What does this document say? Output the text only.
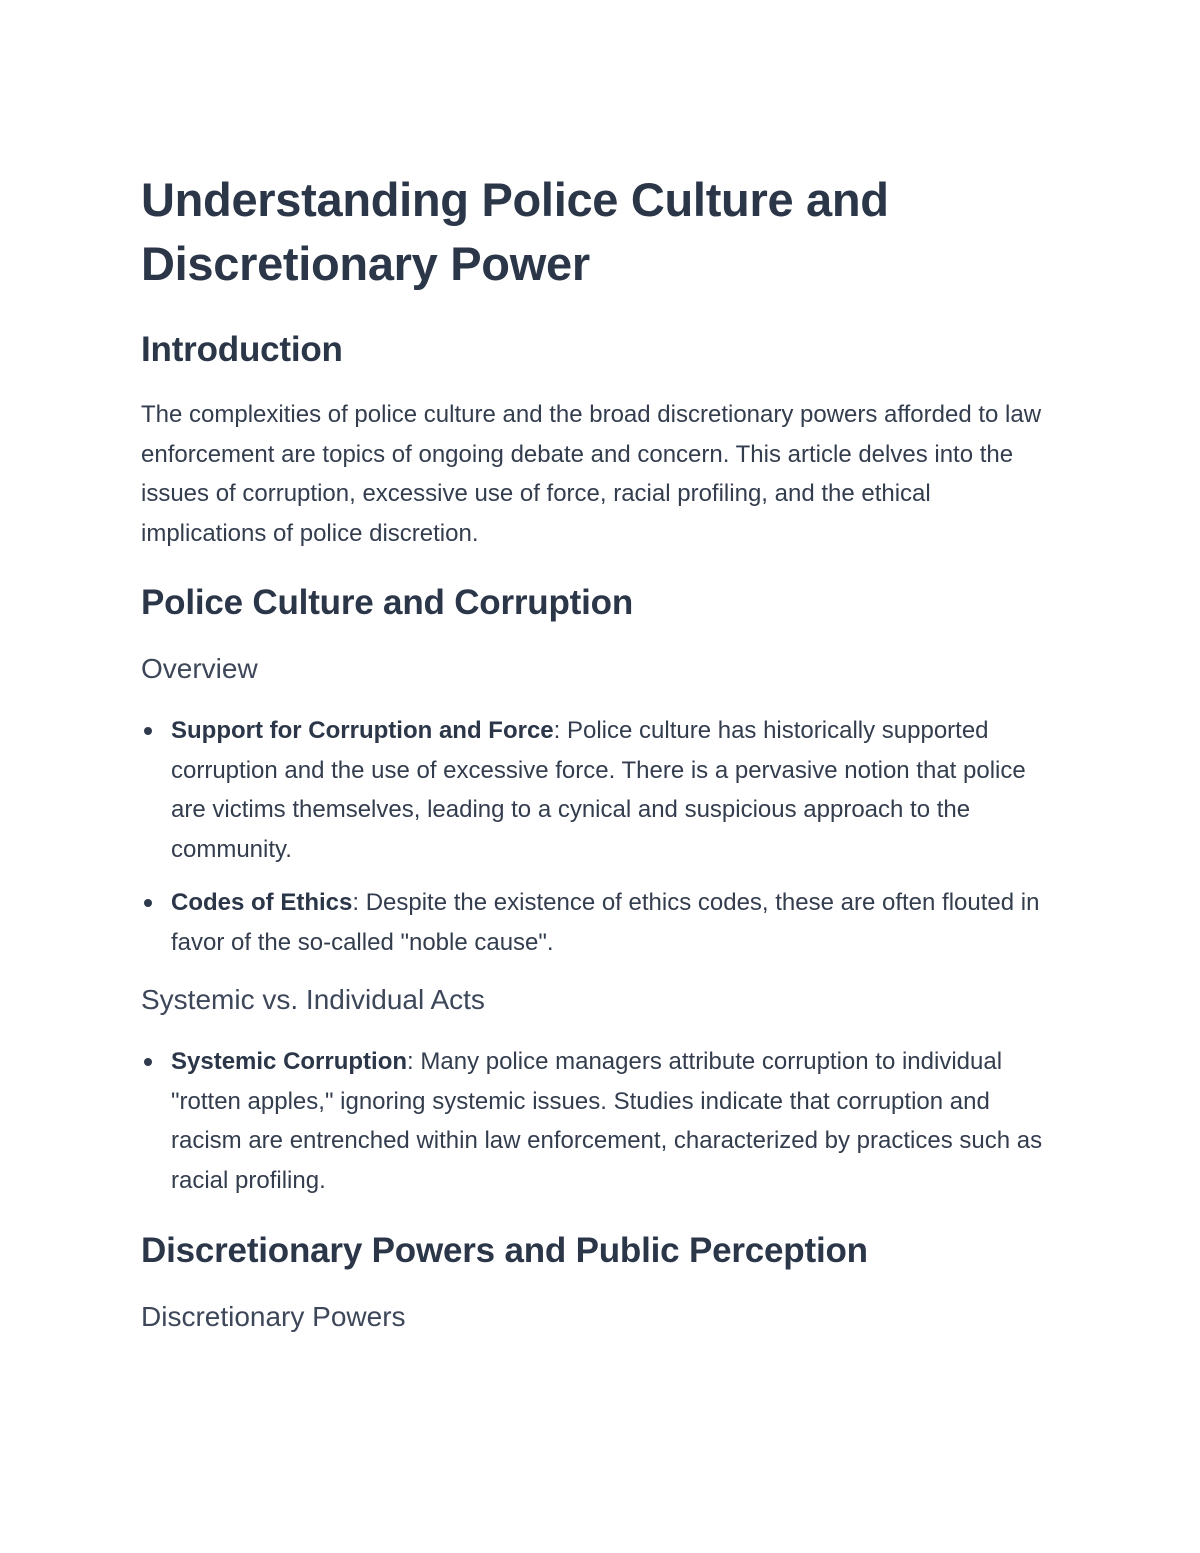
Understanding Police Culture and Discretionary Power
Introduction

The complexities of police culture and the broad discretionary powers afforded to law enforcement are topics of ongoing debate and concern. This article delves into the issues of corruption, excessive use of force, racial profiling, and the ethical implications of police discretion.

Police Culture and Corruption
Overview
Support for Corruption and Force: Police culture has historically supported corruption and the use of excessive force. There is a pervasive notion that police are victims themselves, leading to a cynical and suspicious approach to the community.
Codes of Ethics: Despite the existence of ethics codes, these are often flouted in favor of the so-called "noble cause".
Systemic vs. Individual Acts
Systemic Corruption: Many police managers attribute corruption to individual "rotten apples," ignoring systemic issues. Studies indicate that corruption and racism are entrenched within law enforcement, characterized by practices such as racial profiling.
Discretionary Powers and Public Perception
Discretionary Powers
